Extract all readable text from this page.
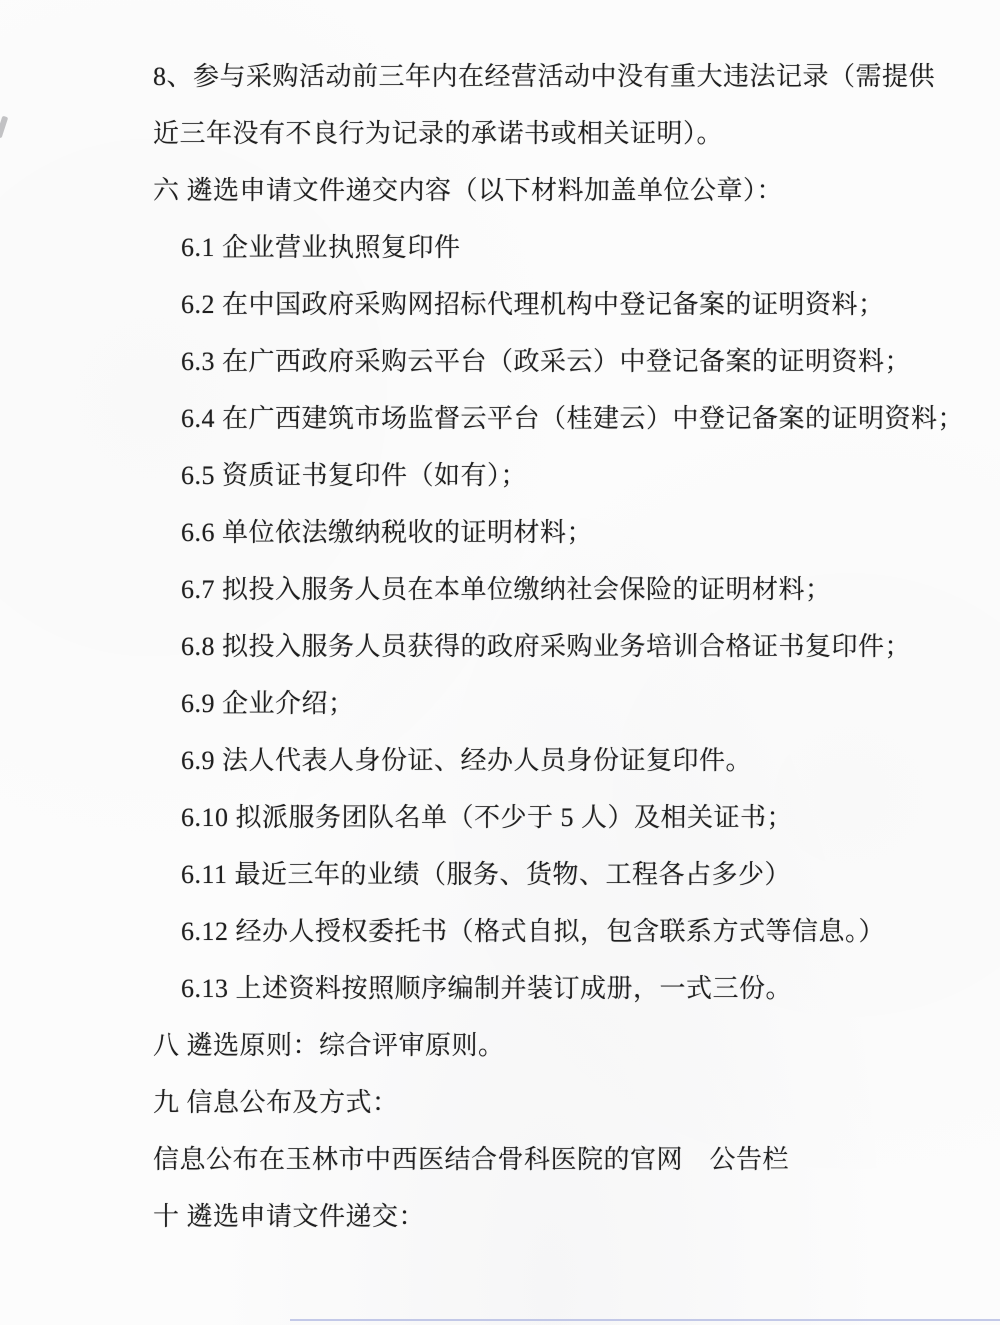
8、参与采购活动前三年内在经营活动中没有重大违法记录（需提供
近三年没有不良行为记录的承诺书或相关证明）。
六 遴选申请文件递交内容（以下材料加盖单位公章）：
6.1 企业营业执照复印件
6.2 在中国政府采购网招标代理机构中登记备案的证明资料；
6.3 在广西政府采购云平台（政采云）中登记备案的证明资料；
6.4 在广西建筑市场监督云平台（桂建云）中登记备案的证明资料；
6.5 资质证书复印件（如有）；
6.6 单位依法缴纳税收的证明材料；
6.7 拟投入服务人员在本单位缴纳社会保险的证明材料；
6.8 拟投入服务人员获得的政府采购业务培训合格证书复印件；
6.9 企业介绍；
6.9 法人代表人身份证、经办人员身份证复印件。
6.10 拟派服务团队名单（不少于 5 人）及相关证书；
6.11 最近三年的业绩（服务、货物、工程各占多少）
6.12 经办人授权委托书（格式自拟，包含联系方式等信息。）
6.13 上述资料按照顺序编制并装订成册，一式三份。
八 遴选原则：综合评审原则。
九 信息公布及方式：
信息公布在玉林市中西医结合骨科医院的官网　公告栏
十 遴选申请文件递交：
